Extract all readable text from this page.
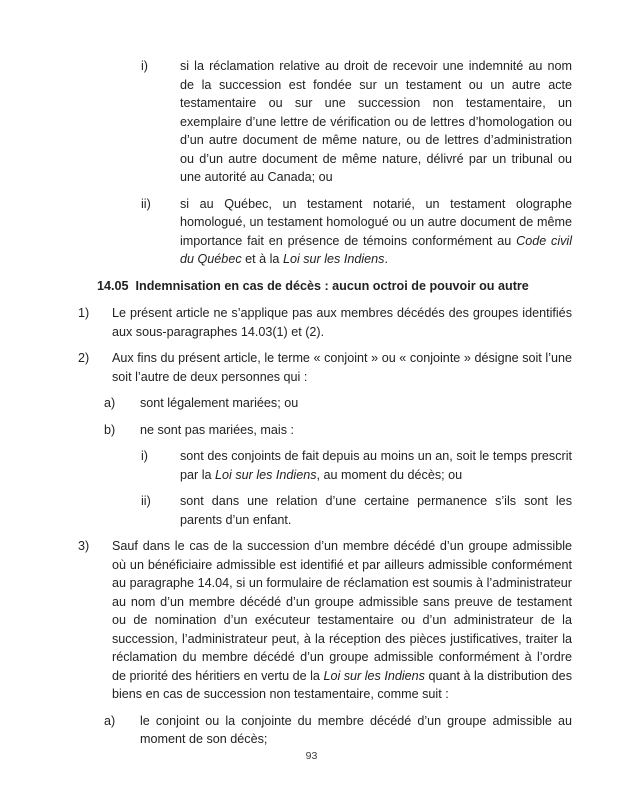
i)	si la réclamation relative au droit de recevoir une indemnité au nom de la succession est fondée sur un testament ou un autre acte testamentaire ou sur une succession non testamentaire, un exemplaire d’une lettre de vérification ou de lettres d’homologation ou d’un autre document de même nature, ou de lettres d’administration ou d’un autre document de même nature, délivré par un tribunal ou une autorité au Canada; ou
ii)	si au Québec, un testament notarié, un testament olographe homologué, un testament homologué ou un autre document de même importance fait en présence de témoins conformément au Code civil du Québec et à la Loi sur les Indiens.
14.05 Indemnisation en cas de décès : aucun octroi de pouvoir ou autre
1)	Le présent article ne s’applique pas aux membres décédés des groupes identifiés aux sous-paragraphes 14.03(1) et (2).
2)	Aux fins du présent article, le terme « conjoint » ou « conjointe » désigne soit l’une soit l’autre de deux personnes qui :
a)	sont légalement mariées; ou
b)	ne sont pas mariées, mais :
i)	sont des conjoints de fait depuis au moins un an, soit le temps prescrit par la Loi sur les Indiens, au moment du décès; ou
ii)	sont dans une relation d’une certaine permanence s’ils sont les parents d’un enfant.
3)	Sauf dans le cas de la succession d’un membre décédé d’un groupe admissible où un bénéficiaire admissible est identifié et par ailleurs admissible conformément au paragraphe 14.04, si un formulaire de réclamation est soumis à l’administrateur au nom d’un membre décédé d’un groupe admissible sans preuve de testament ou de nomination d’un exécuteur testamentaire ou d’un administrateur de la succession, l’administrateur peut, à la réception des pièces justificatives, traiter la réclamation du membre décédé d’un groupe admissible conformément à l’ordre de priorité des héritiers en vertu de la Loi sur les Indiens quant à la distribution des biens en cas de succession non testamentaire, comme suit :
a)	le conjoint ou la conjointe du membre décédé d’un groupe admissible au moment de son décès;
93
